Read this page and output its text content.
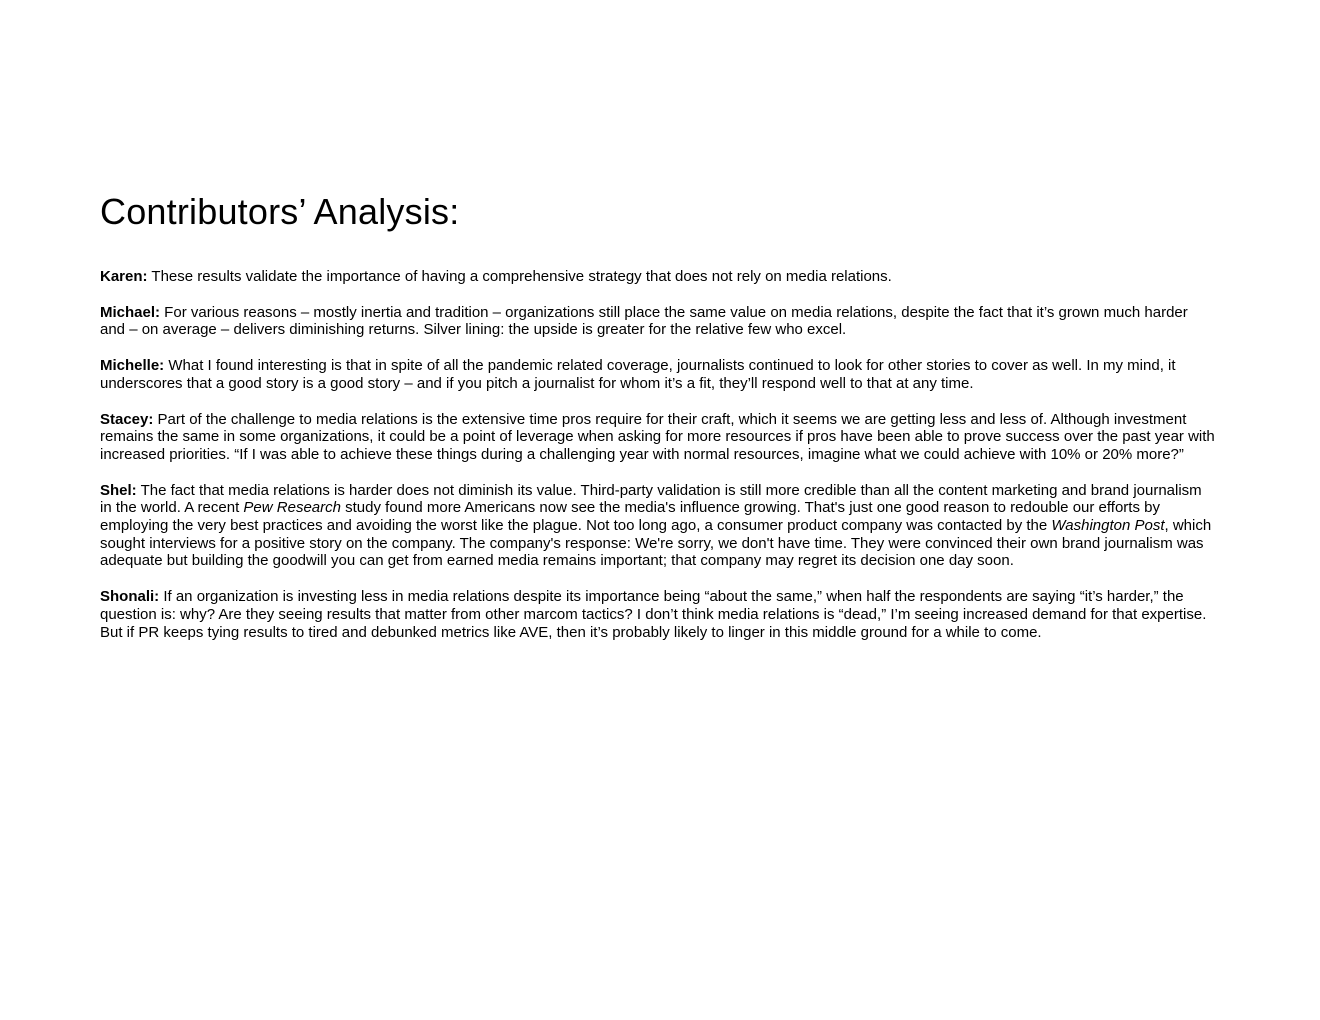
Contributors’ Analysis:

Karen: These results validate the importance of having a comprehensive strategy that does not rely on media relations.

Michael: For various reasons – mostly inertia and tradition – organizations still place the same value on media relations, despite the fact that it’s grown much harder and – on average – delivers diminishing returns. Silver lining: the upside is greater for the relative few who excel.

Michelle: What I found interesting is that in spite of all the pandemic related coverage, journalists continued to look for other stories to cover as well. In my mind, it underscores that a good story is a good story – and if you pitch a journalist for whom it’s a fit, they’ll respond well to that at any time.

Stacey: Part of the challenge to media relations is the extensive time pros require for their craft, which it seems we are getting less and less of. Although investment remains the same in some organizations, it could be a point of leverage when asking for more resources if pros have been able to prove success over the past year with increased priorities. “If I was able to achieve these things during a challenging year with normal resources, imagine what we could achieve with 10% or 20% more?”

Shel: The fact that media relations is harder does not diminish its value. Third-party validation is still more credible than all the content marketing and brand journalism in the world. A recent Pew Research study found more Americans now see the media's influence growing. That's just one good reason to redouble our efforts by employing the very best practices and avoiding the worst like the plague. Not too long ago, a consumer product company was contacted by the Washington Post, which sought interviews for a positive story on the company. The company's response: We're sorry, we don't have time. They were convinced their own brand journalism was adequate but building the goodwill you can get from earned media remains important; that company may regret its decision one day soon.

Shonali: If an organization is investing less in media relations despite its importance being “about the same,” when half the respondents are saying “it’s harder,” the question is: why? Are they seeing results that matter from other marcom tactics? I don’t think media relations is “dead,” I’m seeing increased demand for that expertise. But if PR keeps tying results to tired and debunked metrics like AVE, then it’s probably likely to linger in this middle ground for a while to come.
